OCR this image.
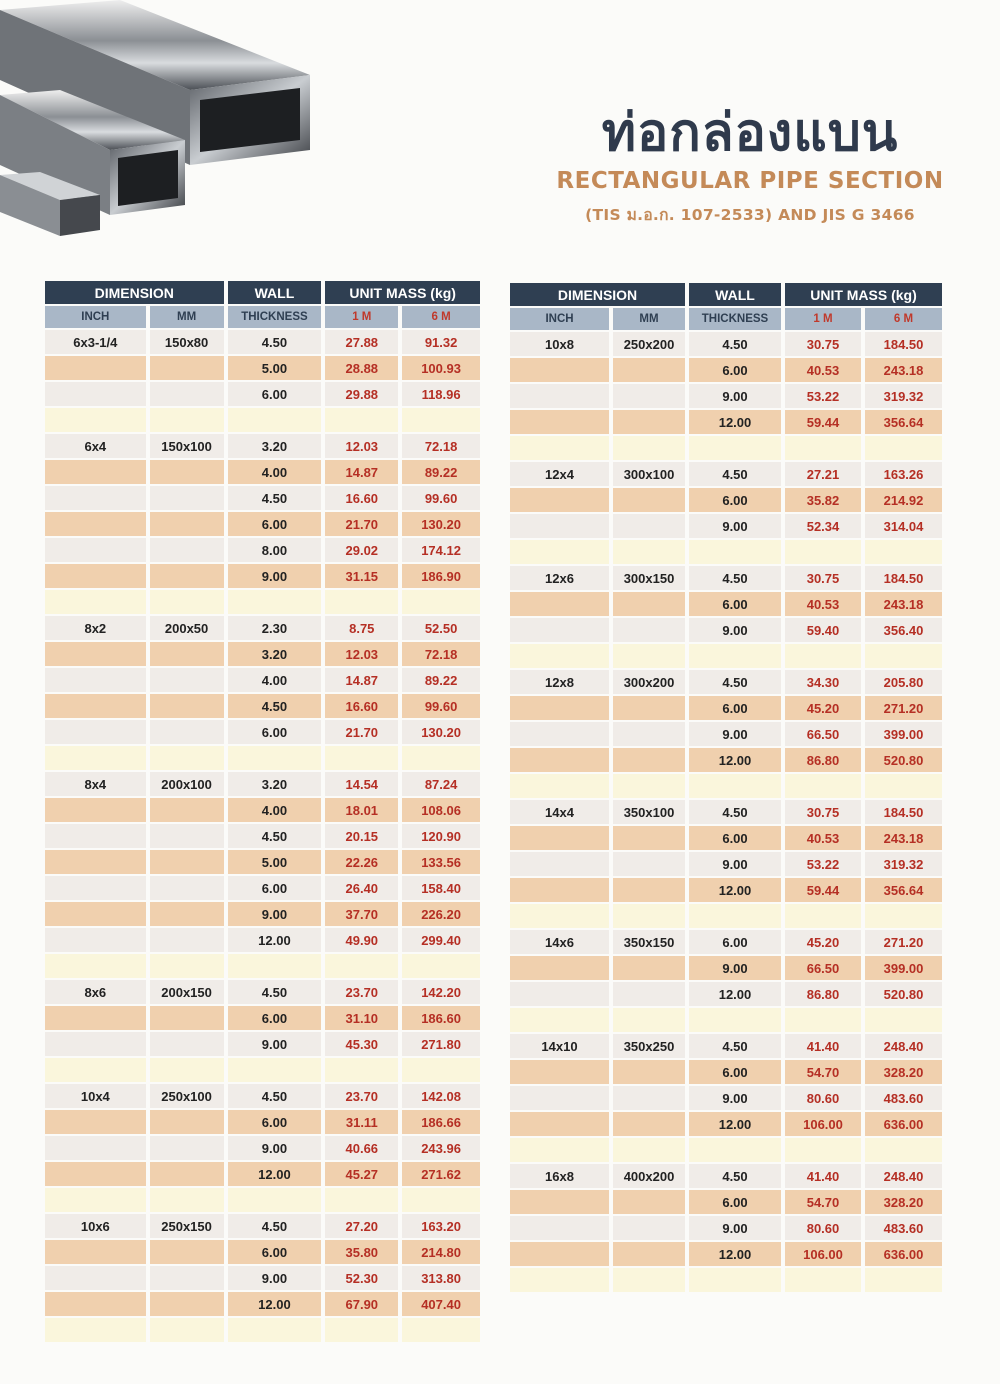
ท่อกล่องแบน
RECTANGULAR PIPE SECTION
(TIS ม.อ.ก. 107-2533) AND JIS G 3466
DIMENSION		WALL	UNIT MASS (kg)	
INCH	MM	THICKNESS	1 M	6 M
6x3-1/4	150x80	4.50	27.88	91.32
		5.00	28.88	100.93
		6.00	29.88	118.96

6x4	150x100	3.20	12.03	72.18
		4.00	14.87	89.22
		4.50	16.60	99.60
		6.00	21.70	130.20
		8.00	29.02	174.12
		9.00	31.15	186.90

8x2	200x50	2.30	8.75	52.50
		3.20	12.03	72.18
		4.00	14.87	89.22
		4.50	16.60	99.60
		6.00	21.70	130.20

8x4	200x100	3.20	14.54	87.24
		4.00	18.01	108.06
		4.50	20.15	120.90
		5.00	22.26	133.56
		6.00	26.40	158.40
		9.00	37.70	226.20
		12.00	49.90	299.40

8x6	200x150	4.50	23.70	142.20
		6.00	31.10	186.60
		9.00	45.30	271.80

10x4	250x100	4.50	23.70	142.08
		6.00	31.11	186.66
		9.00	40.66	243.96
		12.00	45.27	271.62

10x6	250x150	4.50	27.20	163.20
		6.00	35.80	214.80
		9.00	52.30	313.80
		12.00	67.90	407.40

DIMENSION		WALL	UNIT MASS (kg)	
INCH	MM	THICKNESS	1 M	6 M
10x8	250x200	4.50	30.75	184.50
		6.00	40.53	243.18
		9.00	53.22	319.32
		12.00	59.44	356.64

12x4	300x100	4.50	27.21	163.26
		6.00	35.82	214.92
		9.00	52.34	314.04

12x6	300x150	4.50	30.75	184.50
		6.00	40.53	243.18
		9.00	59.40	356.40

12x8	300x200	4.50	34.30	205.80
		6.00	45.20	271.20
		9.00	66.50	399.00
		12.00	86.80	520.80

14x4	350x100	4.50	30.75	184.50
		6.00	40.53	243.18
		9.00	53.22	319.32
		12.00	59.44	356.64

14x6	350x150	6.00	45.20	271.20
		9.00	66.50	399.00
		12.00	86.80	520.80

14x10	350x250	4.50	41.40	248.40
		6.00	54.70	328.20
		9.00	80.60	483.60
		12.00	106.00	636.00

16x8	400x200	4.50	41.40	248.40
		6.00	54.70	328.20
		9.00	80.60	483.60
		12.00	106.00	636.00
